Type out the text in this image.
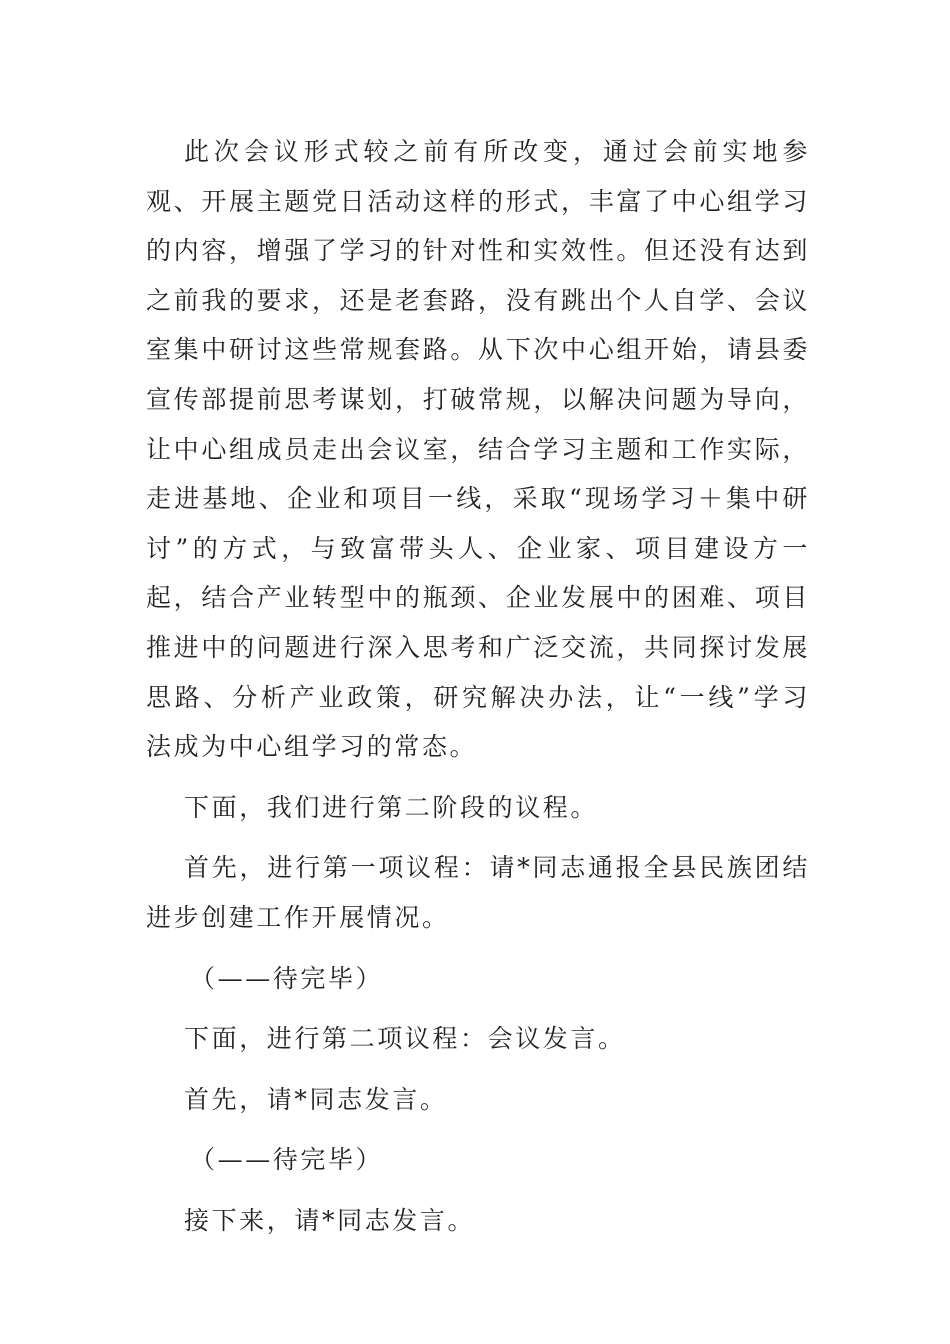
此次会议形式较之前有所改变，通过会前实地参观、开展主题党日活动这样的形式，丰富了中心组学习的内容，增强了学习的针对性和实效性。但还没有达到之前我的要求，还是老套路，没有跳出个人自学、会议室集中研讨这些常规套路。从下次中心组开始，请县委宣传部提前思考谋划，打破常规，以解决问题为导向，让中心组成员走出会议室，结合学习主题和工作实际，走进基地、企业和项目一线，采取“现场学习＋集中研讨”的方式，与致富带头人、企业家、项目建设方一起，结合产业转型中的瓶颈、企业发展中的困难、项目推进中的问题进行深入思考和广泛交流，共同探讨发展思路、分析产业政策，研究解决办法，让“一线”学习法成为中心组学习的常态。

下面，我们进行第二阶段的议程。

首先，进行第一项议程：请*同志通报全县民族团结进步创建工作开展情况。

（——待完毕）

下面，进行第二项议程：会议发言。

首先，请*同志发言。

（——待完毕）

接下来，请*同志发言。
